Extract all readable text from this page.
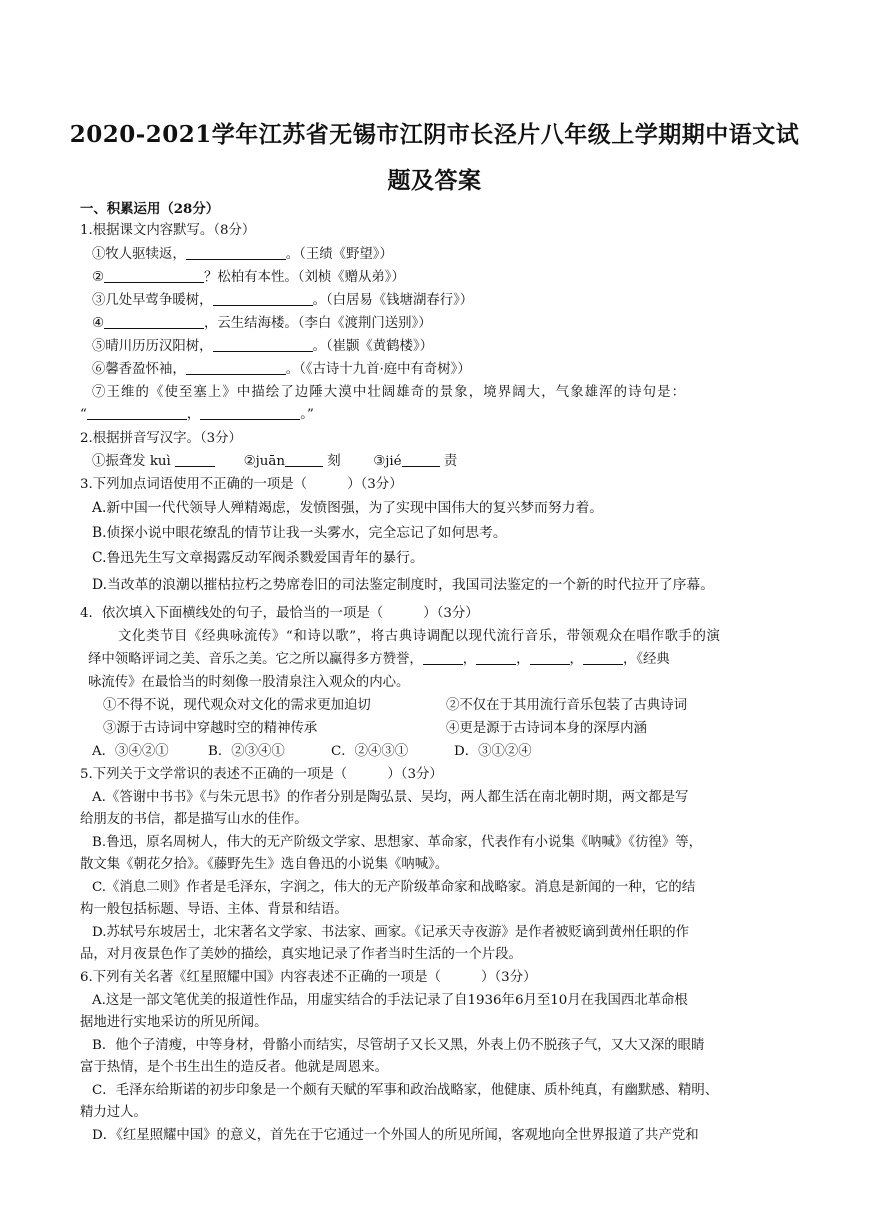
2020-2021学年江苏省无锡市江阴市长泾片八年级上学期期中语文试
题及答案
一、积累运用（28分）
1.根据课文内容默写。（8分）
①牧人驱犊返，	。（王绩《野望》）
②	？松柏有本性。（刘桢《赠从弟》）
③几处早莺争暖树，	。（白居易《钱塘湖春行》）
④	，云生结海楼。（李白《渡荆门送别》）
⑤晴川历历汉阳树，	。（崔颢《黄鹤楼》）
⑥馨香盈怀袖，	。（《古诗十九首·庭中有奇树》）
⑦王维的《使至塞上》中描绘了边陲大漠中壮阔雄奇的景象，境界阔大，气象雄浑的诗句是：
“	，	。”
2.根据拼音写汉字。（3分）
①振聋发 kuì	②juān	刻 ③jié	责
3.下列加点词语使用不正确的一项是（　　　）（3分）
A.新中国一代代领导人殚精竭虑，发愤图强，为了实现中国伟大的复兴梦而努力着。
B.侦探小说中眼花缭乱的情节让我一头雾水，完全忘记了如何思考。
C.鲁迅先生写文章揭露反动军阀杀戮爱国青年的暴行。
D.当改革的浪潮以摧枯拉朽之势席卷旧的司法鉴定制度时，我国司法鉴定的一个新的时代拉开了序幕。
4．依次填入下面横线处的句子，最恰当的一项是（　　　）（3分）
文化类节目《经典咏流传》“和诗以歌”，将古典诗调配以现代流行音乐，带领观众在唱作歌手的演
绎中领略评词之美、音乐之美。它之所以赢得多方赞誉，	，	，	，	，《经典
咏流传》在最恰当的时刻像一股清泉注入观众的内心。
①不得不说，现代观众对文化的需求更加迫切	②不仅在于其用流行音乐包装了古典诗词
③源于古诗词中穿越时空的精神传承	④更是源于古诗词本身的深厚内涵
A．③④②①	B．②③④①	C．②④③①	D．③①②④
5.下列关于文学常识的表述不正确的一项是（　　　）（3分）
A.《答谢中书书》《与朱元思书》的作者分别是陶弘景、吴均，两人都生活在南北朝时期，两文都是写
给朋友的书信，都是描写山水的佳作。
B.鲁迅，原名周树人，伟大的无产阶级文学家、思想家、革命家，代表作有小说集《呐喊》《彷徨》等，
散文集《朝花夕拾》。《藤野先生》选自鲁迅的小说集《呐喊》。
C.《消息二则》作者是毛泽东，字润之，伟大的无产阶级革命家和战略家。消息是新闻的一种，它的结
构一般包括标题、导语、主体、背景和结语。
D.苏轼号东坡居士，北宋著名文学家、书法家、画家。《记承天寺夜游》是作者被贬谪到黄州任职的作
品，对月夜景色作了美妙的描绘，真实地记录了作者当时生活的一个片段。
6.下列有关名著《红星照耀中国》内容表述不正确的一项是（　　　）（3分）
A.这是一部文笔优美的报道性作品，用虚实结合的手法记录了自1936年6月至10月在我国西北革命根
据地进行实地采访的所见所闻。
B．他个子清瘦，中等身材，骨骼小而结实，尽管胡子又长又黑，外表上仍不脱孩子气，又大又深的眼睛
富于热情，是个书生出生的造反者。他就是周恩来。
C．毛泽东给斯诺的初步印象是一个颇有天赋的军事和政治战略家，他健康、质朴纯真，有幽默感、精明、
精力过人。
D．《红星照耀中国》的意义，首先在于它通过一个外国人的所见所闻，客观地向全世界报道了共产党和
